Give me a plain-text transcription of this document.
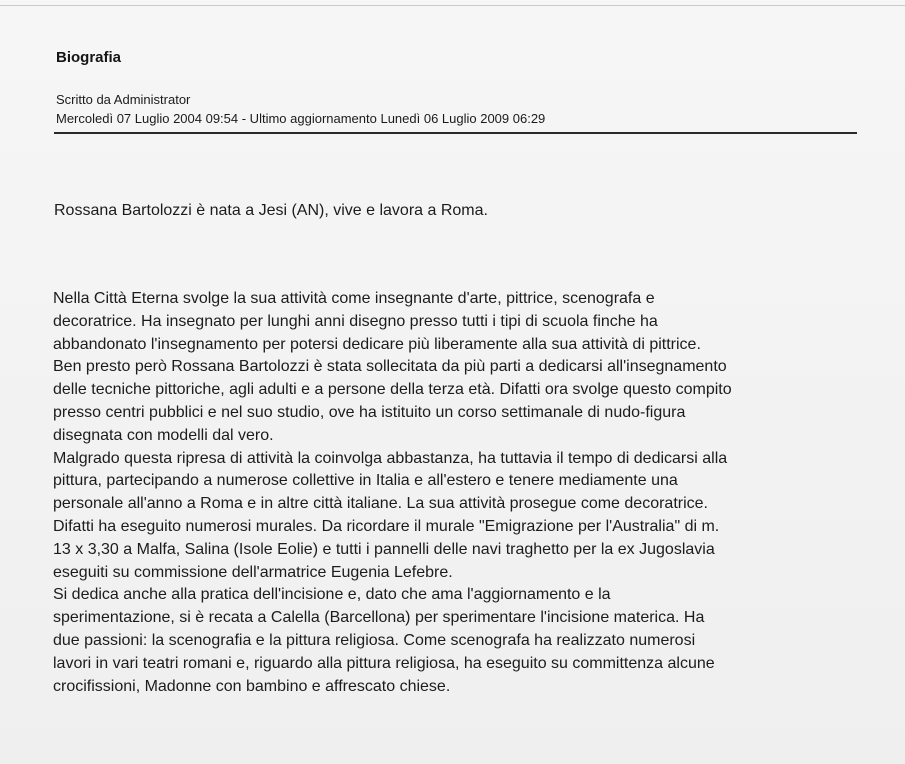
Biografia
Scritto da Administrator
Mercoledì 07 Luglio 2004 09:54 - Ultimo aggiornamento Lunedì 06 Luglio 2009 06:29
Rossana Bartolozzi è nata a Jesi (AN), vive e lavora a Roma.
Nella Città Eterna svolge la sua attività come insegnante d'arte, pittrice, scenografa e
decoratrice. Ha insegnato per lunghi anni disegno presso tutti i tipi di scuola finche ha
abbandonato l'insegnamento per potersi dedicare più liberamente alla sua attività di pittrice.
Ben presto però Rossana Bartolozzi è stata sollecitata da più parti a dedicarsi all'insegnamento
delle tecniche pittoriche, agli adulti e a persone della terza età. Difatti ora svolge questo compito
presso centri pubblici e nel suo studio, ove ha istituito un corso settimanale di nudo-figura
disegnata con modelli dal vero.
Malgrado questa ripresa di attività la coinvolga abbastanza, ha tuttavia il tempo di dedicarsi alla
pittura, partecipando a numerose collettive in Italia e all'estero e tenere mediamente una
personale all'anno a Roma e in altre città italiane. La sua attività prosegue come decoratrice.
Difatti ha eseguito numerosi murales. Da ricordare il murale "Emigrazione per l'Australia" di m.
13 x 3,30 a Malfa, Salina (Isole Eolie) e tutti i pannelli delle navi traghetto per la ex Jugoslavia
eseguiti su commissione dell'armatrice Eugenia Lefebre.
Si dedica anche alla pratica dell'incisione e, dato che ama l'aggiornamento e la
sperimentazione, si è recata a Calella (Barcellona) per sperimentare l'incisione materica. Ha
due passioni: la scenografia e la pittura religiosa. Come scenografa ha realizzato numerosi
lavori in vari teatri romani e, riguardo alla pittura religiosa, ha eseguito su committenza alcune
crocifissioni, Madonne con bambino e affrescato chiese.
